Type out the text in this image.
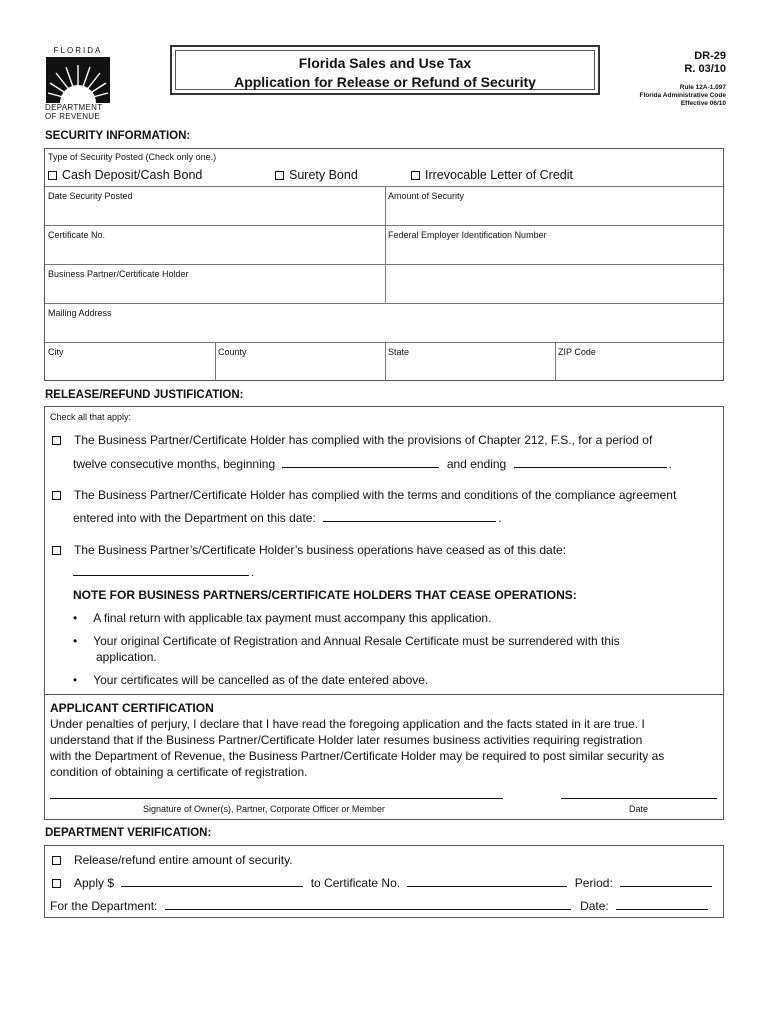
FLORIDA
DEPARTMENT
OF REVENUE
Florida Sales and Use Tax
Application for Release or Refund of Security
DR-29
R. 03/10
Rule 12A-1.097
Florida Administrative Code
Effective 06/10
SECURITY INFORMATION:
Type of Security Posted (Check only one.)
Cash Deposit/Cash Bond	Surety Bond	Irrevocable Letter of Credit
Date Security Posted	Amount of Security
Certificate No.	Federal Employer Identification Number
Business Partner/Certificate Holder
Mailing Address
City	County	State	ZIP Code
RELEASE/REFUND JUSTIFICATION:
Check all that apply:
The Business Partner/Certificate Holder has complied with the provisions of Chapter 212, F.S., for a period of
twelve consecutive months, beginning	and ending	.
The Business Partner/Certificate Holder has complied with the terms and conditions of the compliance agreement
entered into with the Department on this date:	.
The Business Partner’s/Certificate Holder’s business operations have ceased as of this date:
.
NOTE FOR BUSINESS PARTNERS/CERTIFICATE HOLDERS THAT CEASE OPERATIONS:
• A final return with applicable tax payment must accompany this application.
• Your original Certificate of Registration and Annual Resale Certificate must be surrendered with this
application.
• Your certificates will be cancelled as of the date entered above.
APPLICANT CERTIFICATION
Under penalties of perjury, I declare that I have read the foregoing application and the facts stated in it are true. I
understand that if the Business Partner/Certificate Holder later resumes business activities requiring registration
with the Department of Revenue, the Business Partner/Certificate Holder may be required to post similar security as
condition of obtaining a certificate of registration.
Signature of Owner(s), Partner, Corporate Officer or Member	Date
DEPARTMENT VERIFICATION:
Release/refund entire amount of security.
Apply $	to Certificate No.	Period:
For the Department:	Date:
